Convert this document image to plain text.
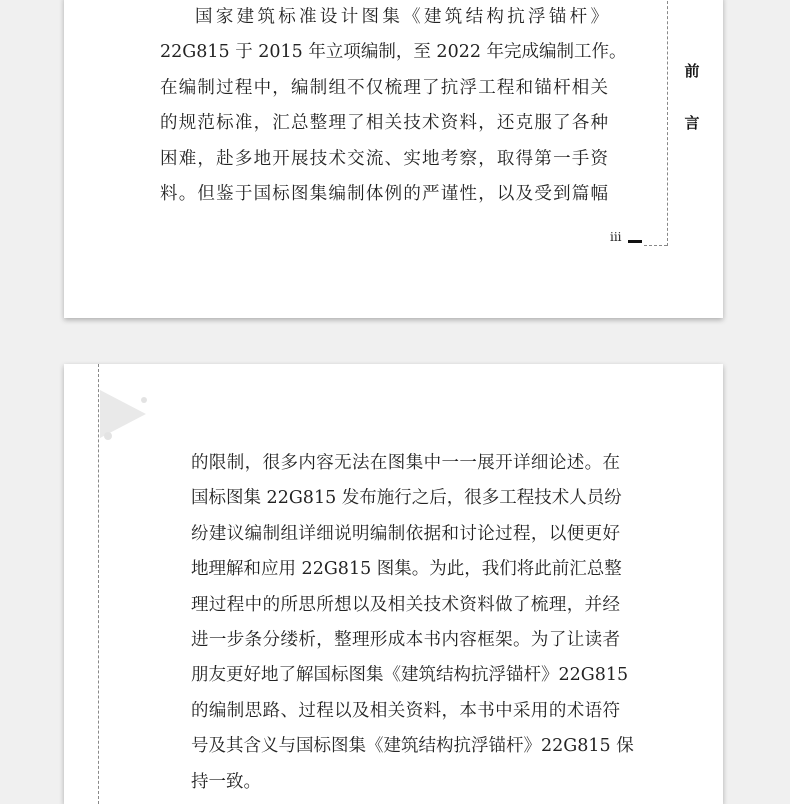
国家建筑标准设计图集《建筑结构抗浮锚杆》
22G815 于 2015 年立项编制，至 2022 年完成编制工作。
在编制过程中，编制组不仅梳理了抗浮工程和锚杆相关
的规范标准，汇总整理了相关技术资料，还克服了各种
困难，赴多地开展技术交流、实地考察，取得第一手资
料。但鉴于国标图集编制体例的严谨性，以及受到篇幅
前
言
iii
的限制，很多内容无法在图集中一一展开详细论述。在
国标图集 22G815 发布施行之后，很多工程技术人员纷
纷建议编制组详细说明编制依据和讨论过程，以便更好
地理解和应用 22G815 图集。为此，我们将此前汇总整
理过程中的所思所想以及相关技术资料做了梳理，并经
进一步条分缕析，整理形成本书内容框架。为了让读者
朋友更好地了解国标图集《建筑结构抗浮锚杆》22G815
的编制思路、过程以及相关资料，本书中采用的术语符
号及其含义与国标图集《建筑结构抗浮锚杆》22G815 保
持一致。
